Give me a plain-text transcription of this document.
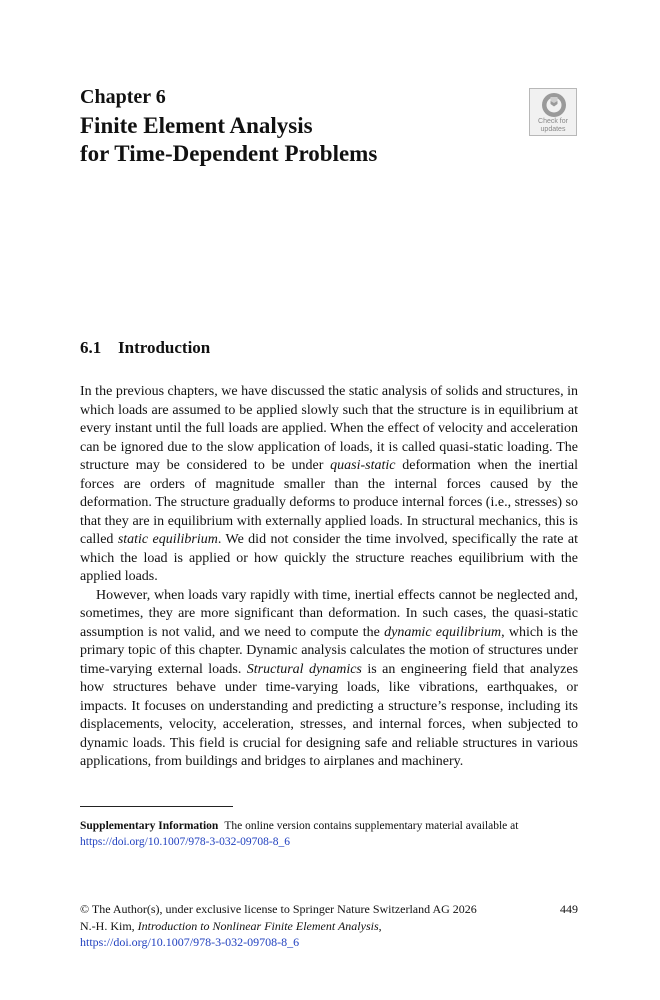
Chapter 6
Finite Element Analysis
for Time-Dependent Problems
Check for
updates
6.1 Introduction

In the previous chapters, we have discussed the static analysis of solids and structures, in which loads are assumed to be applied slowly such that the structure is in equilibrium at every instant until the full loads are applied. When the effect of velocity and acceleration can be ignored due to the slow application of loads, it is called quasi-static loading. The structure may be considered to be under quasi-static deformation when the inertial forces are orders of magnitude smaller than the internal forces caused by the deformation. The structure gradually deforms to produce internal forces (i.e., stresses) so that they are in equilibrium with externally applied loads. In structural mechanics, this is called static equilibrium. We did not consider the time involved, specifically the rate at which the load is applied or how quickly the structure reaches equilibrium with the applied loads.

However, when loads vary rapidly with time, inertial effects cannot be neglected and, sometimes, they are more significant than deformation. In such cases, the quasi-static assumption is not valid, and we need to compute the dynamic equilibrium, which is the primary topic of this chapter. Dynamic analysis calculates the motion of structures under time-varying external loads. Structural dynamics is an engineering field that analyzes how structures behave under time-varying loads, like vibrations, earthquakes, or impacts. It focuses on understanding and predicting a structure’s response, including its displacements, velocity, acceleration, stresses, and internal forces, when subjected to dynamic loads. This field is crucial for designing safe and reliable structures in various applications, from buildings and bridges to airplanes and machinery.

Supplementary Information The online version contains supplementary material available at
https://doi.org/10.1007/978-3-032-09708-8_6
© The Author(s), under exclusive license to Springer Nature Switzerland AG 2026
N.-H. Kim, Introduction to Nonlinear Finite Element Analysis,
https://doi.org/10.1007/978-3-032-09708-8_6
449
